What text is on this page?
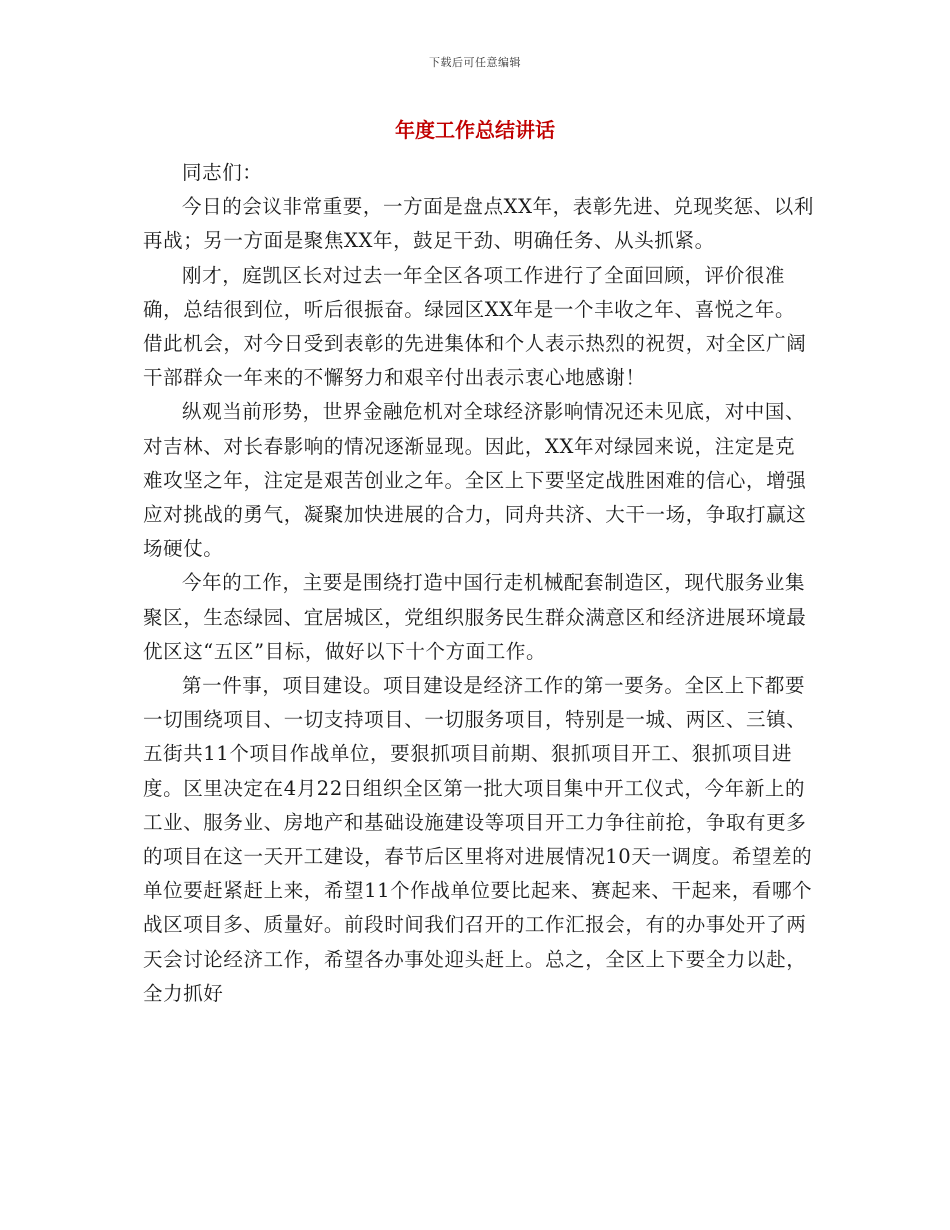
下载后可任意编辑
年度工作总结讲话

同志们：

今日的会议非常重要，一方面是盘点XX年，表彰先进、兑现奖惩、以利再战；另一方面是聚焦XX年，鼓足干劲、明确任务、从头抓紧。

刚才，庭凯区长对过去一年全区各项工作进行了全面回顾，评价很准确，总结很到位，听后很振奋。绿园区XX年是一个丰收之年、喜悦之年。借此机会，对今日受到表彰的先进集体和个人表示热烈的祝贺，对全区广阔干部群众一年来的不懈努力和艰辛付出表示衷心地感谢！

纵观当前形势，世界金融危机对全球经济影响情况还未见底，对中国、对吉林、对长春影响的情况逐渐显现。因此，XX年对绿园来说，注定是克难攻坚之年，注定是艰苦创业之年。全区上下要坚定战胜困难的信心，增强应对挑战的勇气，凝聚加快进展的合力，同舟共济、大干一场，争取打赢这场硬仗。

今年的工作，主要是围绕打造中国行走机械配套制造区，现代服务业集聚区，生态绿园、宜居城区，党组织服务民生群众满意区和经济进展环境最优区这“五区”目标，做好以下十个方面工作。

第一件事，项目建设。项目建设是经济工作的第一要务。全区上下都要一切围绕项目、一切支持项目、一切服务项目，特别是一城、两区、三镇、五街共11个项目作战单位，要狠抓项目前期、狠抓项目开工、狠抓项目进度。区里决定在4月22日组织全区第一批大项目集中开工仪式，今年新上的工业、服务业、房地产和基础设施建设等项目开工力争往前抢，争取有更多的项目在这一天开工建设，春节后区里将对进展情况10天一调度。希望差的单位要赶紧赶上来，希望11个作战单位要比起来、赛起来、干起来，看哪个战区项目多、质量好。前段时间我们召开的工作汇报会，有的办事处开了两天会讨论经济工作，希望各办事处迎头赶上。总之，全区上下要全力以赴，全力抓好
